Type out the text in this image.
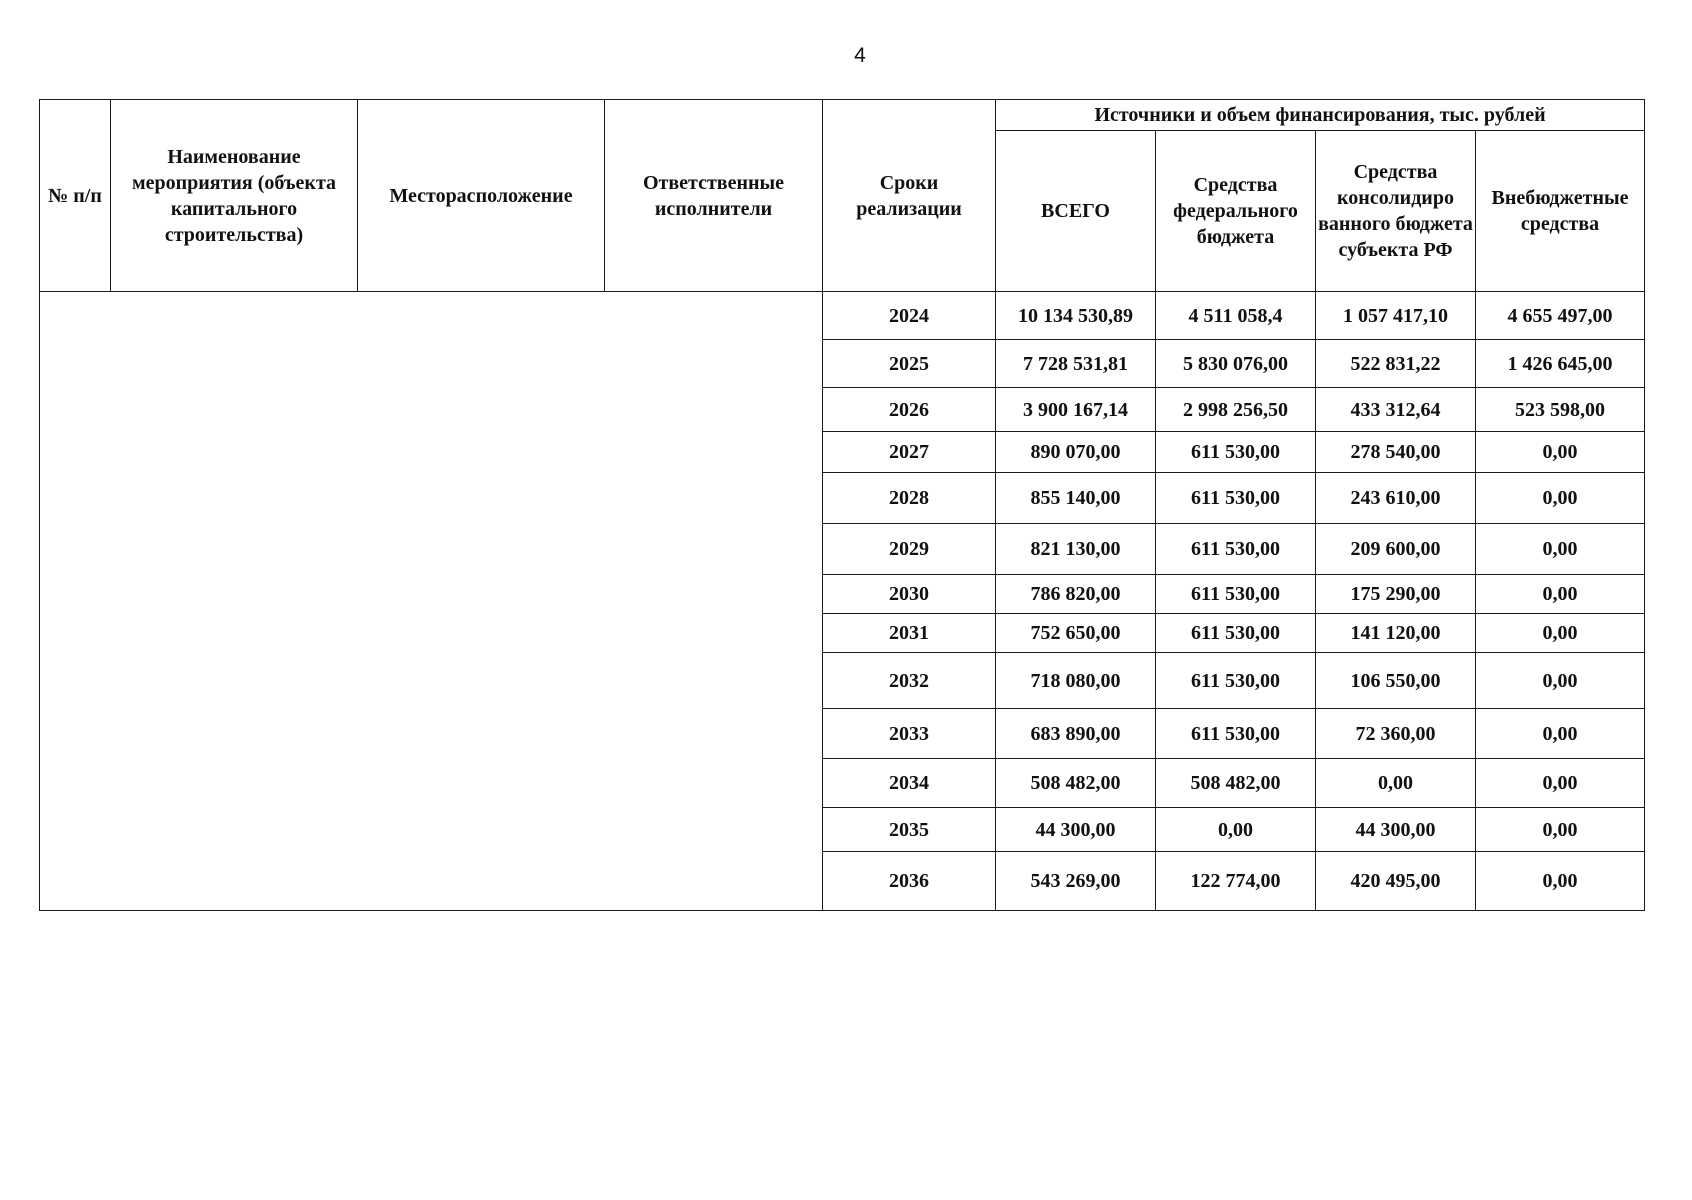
4
№ п/п	Наименование мероприятия (объекта капитального строительства)	Месторасположение	Ответственные исполнители	Сроки реализации	Источники и объем финансирования, тыс. рублей			
					ВСЕГО	Средства федерального бюджета	Средства консолидиро ванного бюджета субъекта РФ	Внебюджетные средства
				2024	10 134 530,89	4 511 058,4	1 057 417,10	4 655 497,00
				2025	7 728 531,81	5 830 076,00	522 831,22	1 426 645,00
				2026	3 900 167,14	2 998 256,50	433 312,64	523 598,00
				2027	890 070,00	611 530,00	278 540,00	0,00
				2028	855 140,00	611 530,00	243 610,00	0,00
				2029	821 130,00	611 530,00	209 600,00	0,00
				2030	786 820,00	611 530,00	175 290,00	0,00
				2031	752 650,00	611 530,00	141 120,00	0,00
				2032	718 080,00	611 530,00	106 550,00	0,00
				2033	683 890,00	611 530,00	72 360,00	0,00
				2034	508 482,00	508 482,00	0,00	0,00
				2035	44 300,00	0,00	44 300,00	0,00
				2036	543 269,00	122 774,00	420 495,00	0,00
